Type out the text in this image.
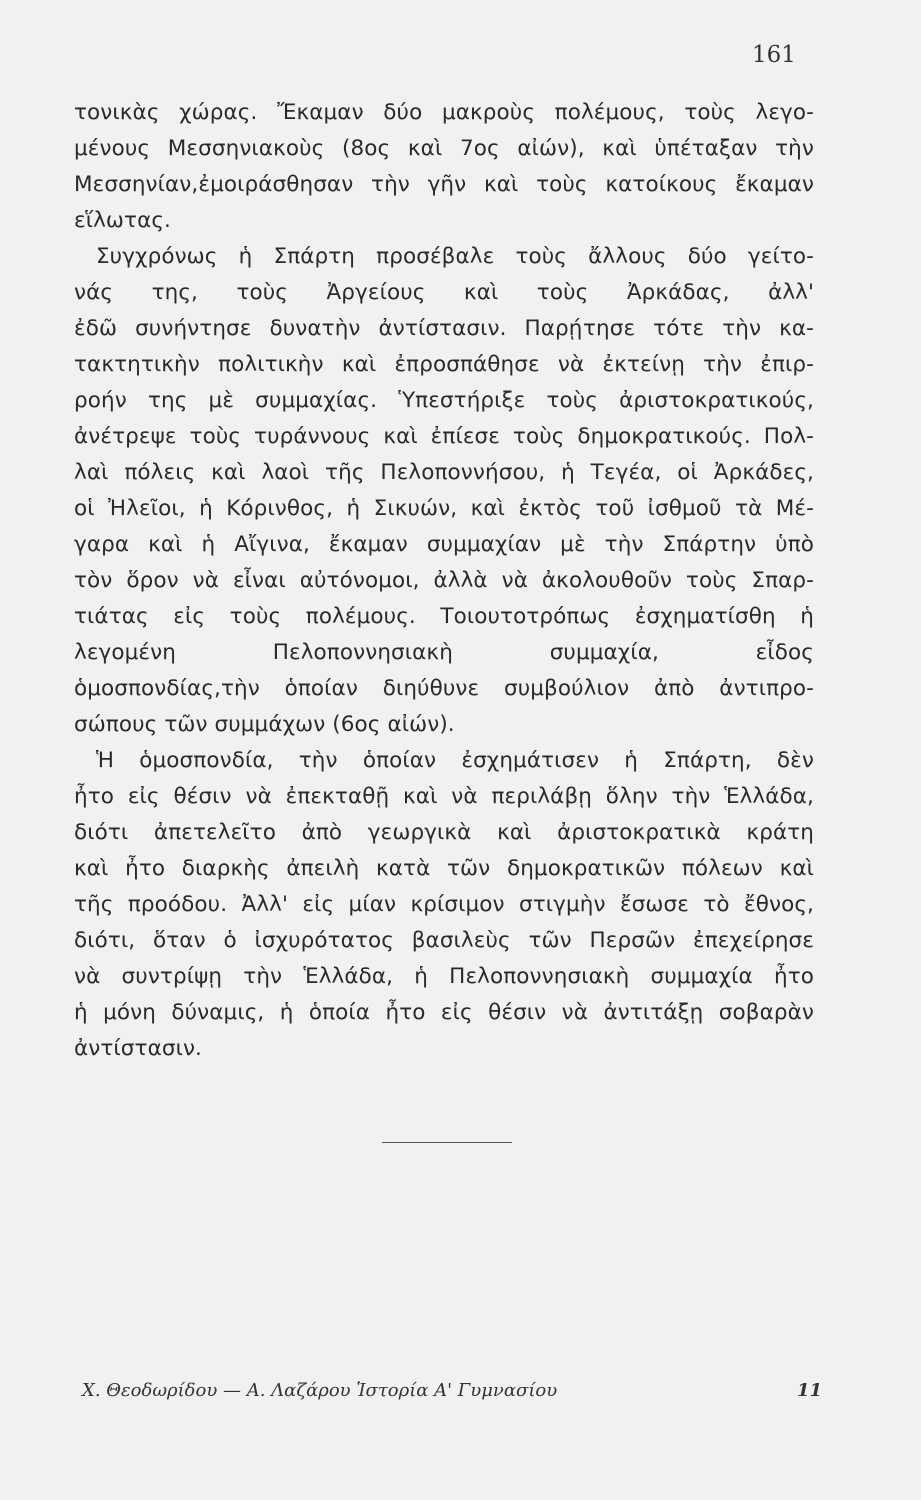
161
τονικὰς χώρας. Ἔκαμαν δύο μακροὺς πολέμους, τοὺς λεγο-
μένους Μεσσηνιακοὺς (8ος καὶ 7ος αἰών), καὶ ὑπέταξαν τὴν
Μεσσηνίαν,ἐμοιράσθησαν τὴν γῆν καὶ τοὺς κατοίκους ἔκαμαν
εἵλωτας.
Συγχρόνως ἡ Σπάρτη προσέβαλε τοὺς ἄλλους δύο γείτο-
νάς της, τοὺς Ἀργείους καὶ τοὺς Ἀρκάδας, ἀλλ'
ἐδῶ συνήντησε δυνατὴν ἀντίστασιν. Παρῄτησε τότε τὴν κα-
τακτητικὴν πολιτικὴν καὶ ἐπροσπάθησε νὰ ἐκτείνῃ τὴν ἐπιρ-
ροήν της μὲ συμμαχίας. Ὑπεστήριξε τοὺς ἀριστοκρατικούς,
ἀνέτρεψε τοὺς τυράννους καὶ ἐπίεσε τοὺς δημοκρατικούς. Πολ-
λαὶ πόλεις καὶ λαοὶ τῆς Πελοποννήσου, ἡ Τεγέα, οἱ Ἀρκάδες,
οἱ Ἠλεῖοι, ἡ Κόρινθος, ἡ Σικυών, καὶ ἐκτὸς τοῦ ἰσθμοῦ τὰ Μέ-
γαρα καὶ ἡ Αἴγινα, ἔκαμαν συμμαχίαν μὲ τὴν Σπάρτην ὑπὸ
τὸν ὅρον νὰ εἶναι αὐτόνομοι, ἀλλὰ νὰ ἀκολουθοῦν τοὺς Σπαρ-
τιάτας εἰς τοὺς πολέμους. Τοιουτοτρόπως ἐσχηματίσθη ἡ
λεγομένη Πελοποννησιακὴ συμμαχία, εἶδος
ὁμοσπονδίας,τὴν ὁποίαν διηύθυνε συμβούλιον ἀπὸ ἀντιπρο-
σώπους τῶν συμμάχων (6ος αἰών).
Ἡ ὁμοσπονδία, τὴν ὁποίαν ἐσχημάτισεν ἡ Σπάρτη, δὲν
ἦτο εἰς θέσιν νὰ ἐπεκταθῇ καὶ νὰ περιλάβῃ ὅλην τὴν Ἑλλάδα,
διότι ἀπετελεῖτο ἀπὸ γεωργικὰ καὶ ἀριστοκρατικὰ κράτη
καὶ ἦτο διαρκὴς ἀπειλὴ κατὰ τῶν δημοκρατικῶν πόλεων καὶ
τῆς προόδου. Ἀλλ' εἰς μίαν κρίσιμον στιγμὴν ἔσωσε τὸ ἔθνος,
διότι, ὅταν ὁ ἰσχυρότατος βασιλεὺς τῶν Περσῶν ἐπεχείρησε
νὰ συντρίψῃ τὴν Ἑλλάδα, ἡ Πελοποννησιακὴ συμμαχία ἦτο
ἡ μόνη δύναμις, ἡ ὁποία ἦτο εἰς θέσιν νὰ ἀντιτάξῃ σοβαρὰν
ἀντίστασιν.
Χ. Θεοδωρίδου — Α. Λαζάρου Ἱστορία Α' Γυμνασίου	11
